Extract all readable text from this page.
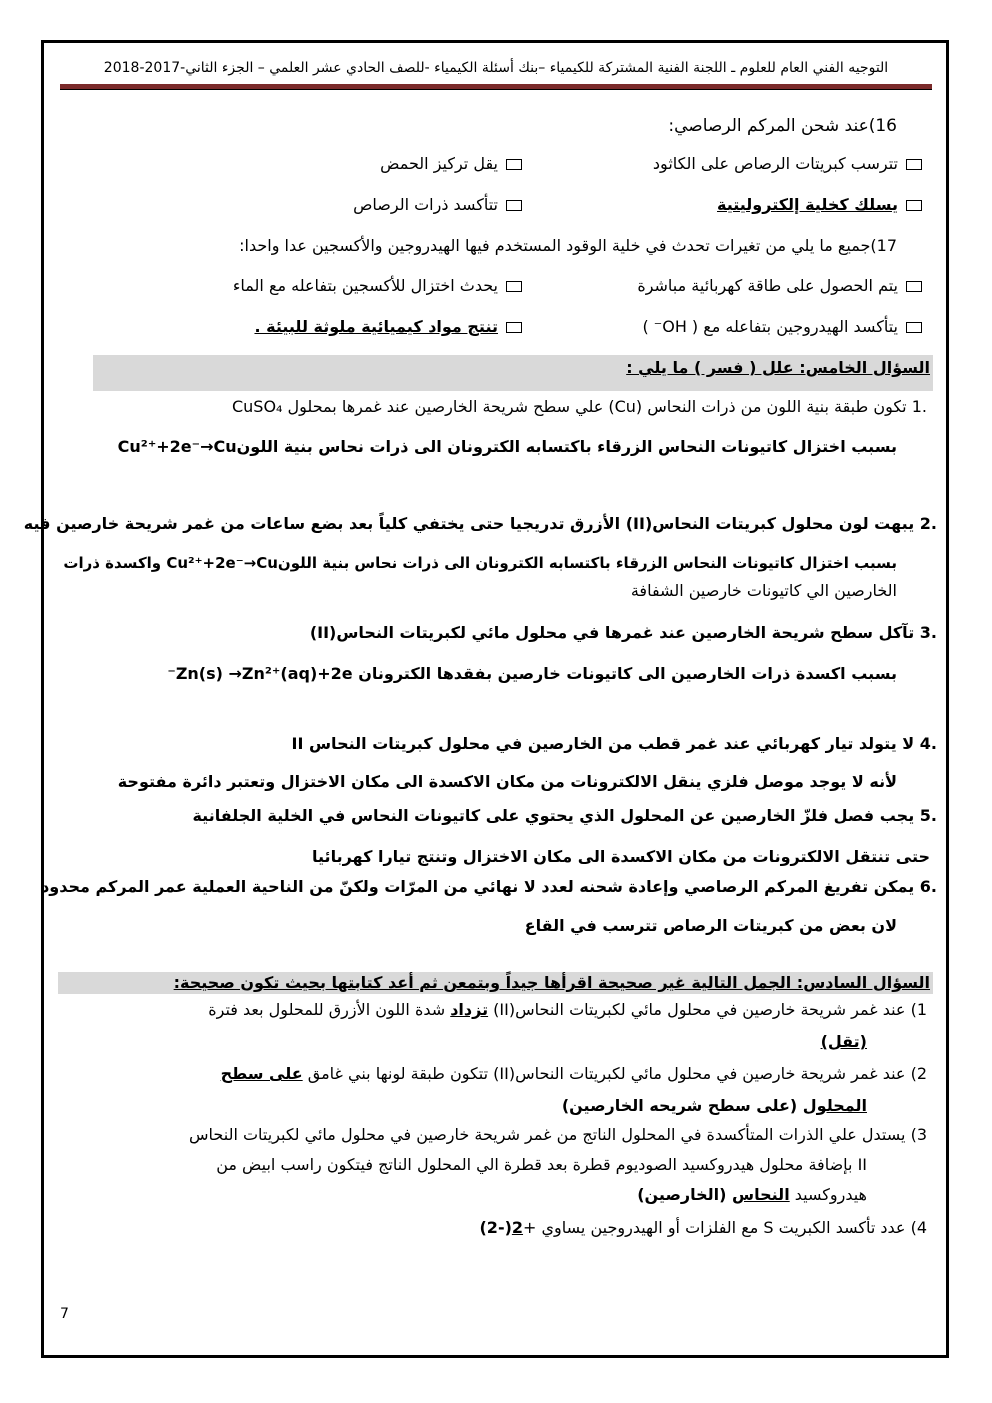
التوجيه الفني العام للعلوم ـ اللجنة الفنية المشتركة للكيمياء –بنك أسئلة الكيمياء -للصف الحادي عشر العلمي – الجزء الثاني-2017-2018
16)عند شحن المركم الرصاصي:
تترسب كبريتات الرصاص على الكاثود
يقل تركيز الحمض
يسلك كخلية إلكتروليتية
تتأكسد ذرات الرصاص
17)جميع ما يلي من تغيرات تحدث في خلية الوقود المستخدم فيها الهيدروجين والأكسجين عدا واحدا:
يتم الحصول على طاقة كهربائية مباشرة
يحدث اختزال للأكسجين بتفاعله مع الماء
يتأكسد الهيدروجين بتفاعله مع ( OH⁻ )
تنتج مواد كيميائية ملوثة للبيئة .
السؤال الخامس: علل ( فسر ) ما يلي :
.1 تكون طبقة بنية اللون من ذرات النحاس (Cu) علي سطح شريحة الخارصين عند غمرها بمحلول CuSO₄
بسبب اختزال كاتيونات النحاس الزرقاء باكتسابه الكترونان الى ذرات نحاس بنية اللونCu²⁺+2e⁻→Cu
.2 يبهت لون محلول كبريتات النحاس(II) الأزرق تدريجيا حتى يختفي كلياً بعد بضع ساعات من غمر شريحة خارصين فيه
بسبب اختزال كاتيونات النحاس الزرقاء باكتسابه الكترونان الى ذرات نحاس بنية اللونCu²⁺+2e⁻→Cu واكسدة ذرات
الخارصين الي كاتيونات خارصين الشفافة
.3 تآكل سطح شريحة الخارصين عند غمرها في محلول مائي لكبريتات النحاس(II)
بسبب اكسدة ذرات الخارصين الى كاتيونات خارصين بفقدها الكترونان Zn(s) →Zn²⁺(aq)+2e⁻
.4 لا يتولد تيار كهربائي عند غمر قطب من الخارصين في محلول كبريتات النحاس II
لأنه لا يوجد موصل فلزي ينقل الالكترونات من مكان الاكسدة الى مكان الاختزال وتعتبر دائرة مفتوحة
.5 يجب فصل فلزّ الخارصين عن المحلول الذي يحتوي على كاتيونات النحاس في الخلية الجلفانية
حتى تنتقل الالكترونات من مكان الاكسدة الى مكان الاختزال وتنتج تيارا كهربائيا
.6 يمكن تفريغ المركم الرصاصي وإعادة شحنه لعدد لا نهائي من المرّات ولكنّ من الناحية العملية عمر المركم محدود
لان بعض من كبريتات الرصاص تترسب في القاع
السؤال السادس: الجمل التالية غير صحيحة اقرأها جيداً وبتمعن ثم أعد كتابتها بحيث تكون صحيحة:
1) عند غمر شريحة خارصين في محلول مائي لكبريتات النحاس(II) تزداد شدة اللون الأزرق للمحلول بعد فترة
(تقل)
2) عند غمر شريحة خارصين في محلول مائي لكبريتات النحاس(II) تتكون طبقة لونها بني غامق على سطح
المحلول (على سطح شريحه الخارصين)
3) يستدل علي الذرات المتأكسدة في المحلول الناتج من غمر شريحة خارصين في محلول مائي لكبريتات النحاس
II بإضافة محلول هيدروكسيد الصوديوم قطرة بعد قطرة الي المحلول الناتج فيتكون راسب ابيض من
هيدروكسيد النحاس (الخارصين)
4) عدد تأكسد الكبريت S مع الفلزات أو الهيدروجين يساوي +2(-2)
7
